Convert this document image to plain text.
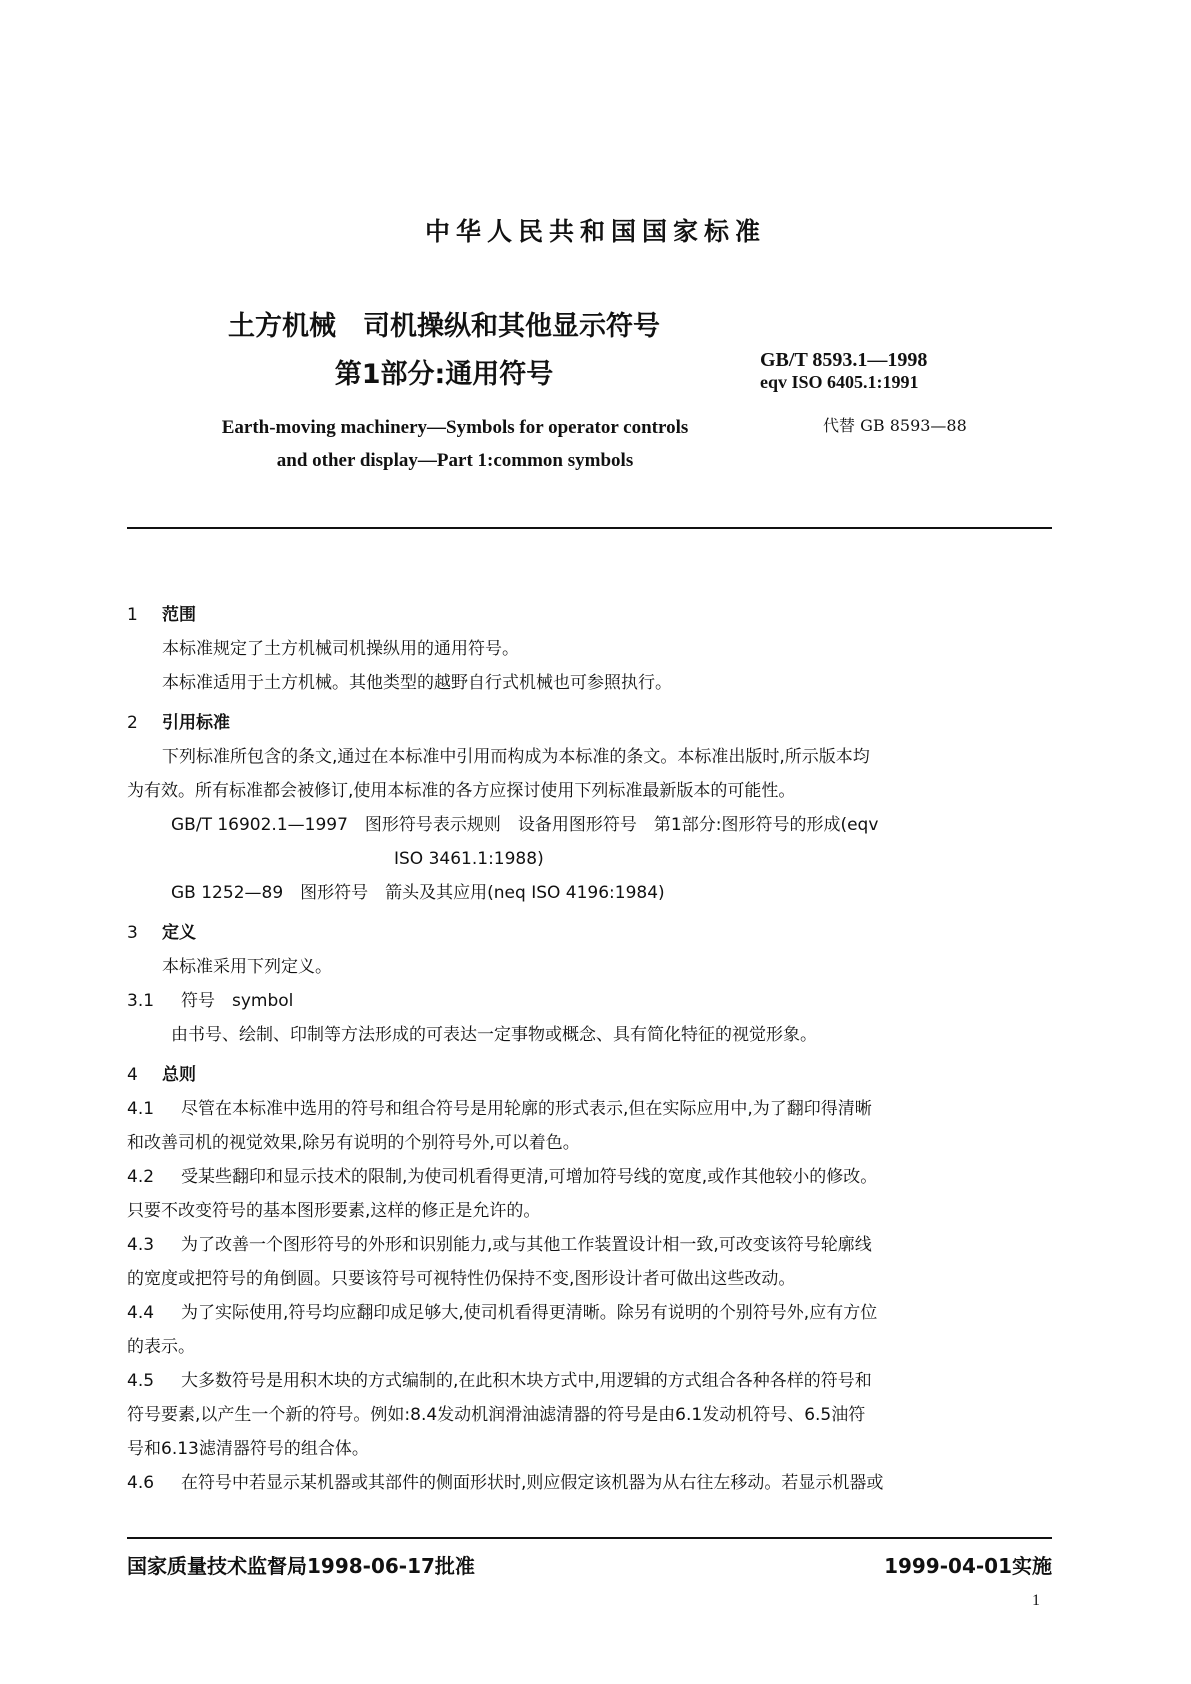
中华人民共和国国家标准
土方机械　司机操纵和其他显示符号
第1部分:通用符号	GB/T 8593.1—1998
eqv ISO 6405.1:1991
代替 GB 8593—88
Earth-moving machinery—Symbols for operator controls
and other display—Part 1:common symbols
1 范围

本标准规定了土方机械司机操纵用的通用符号。

本标准适用于土方机械。其他类型的越野自行式机械也可参照执行。

2 引用标准

下列标准所包含的条文,通过在本标准中引用而构成为本标准的条文。本标准出版时,所示版本均

为有效。所有标准都会被修订,使用本标准的各方应探讨使用下列标准最新版本的可能性。

GB/T 16902.1—1997　图形符号表示规则　设备用图形符号　第1部分:图形符号的形成(eqv

ISO 3461.1:1988)

GB 1252—89　图形符号　箭头及其应用(neq ISO 4196:1984)

3 定义

本标准采用下列定义。

3.1 符号　symbol

由书号、绘制、印制等方法形成的可表达一定事物或概念、具有简化特征的视觉形象。

4 总则

4.1 尽管在本标准中选用的符号和组合符号是用轮廓的形式表示,但在实际应用中,为了翻印得清晰

和改善司机的视觉效果,除另有说明的个别符号外,可以着色。

4.2 受某些翻印和显示技术的限制,为使司机看得更清,可增加符号线的宽度,或作其他较小的修改。

只要不改变符号的基本图形要素,这样的修正是允许的。

4.3 为了改善一个图形符号的外形和识别能力,或与其他工作装置设计相一致,可改变该符号轮廓线

的宽度或把符号的角倒圆。只要该符号可视特性仍保持不变,图形设计者可做出这些改动。

4.4 为了实际使用,符号均应翻印成足够大,使司机看得更清晰。除另有说明的个别符号外,应有方位

的表示。

4.5 大多数符号是用积木块的方式编制的,在此积木块方式中,用逻辑的方式组合各种各样的符号和

符号要素,以产生一个新的符号。例如:8.4发动机润滑油滤清器的符号是由6.1发动机符号、6.5油符

号和6.13滤清器符号的组合体。

4.6 在符号中若显示某机器或其部件的侧面形状时,则应假定该机器为从右往左移动。若显示机器或

国家质量技术监督局1998-06-17批准	1999-04-01实施
1
